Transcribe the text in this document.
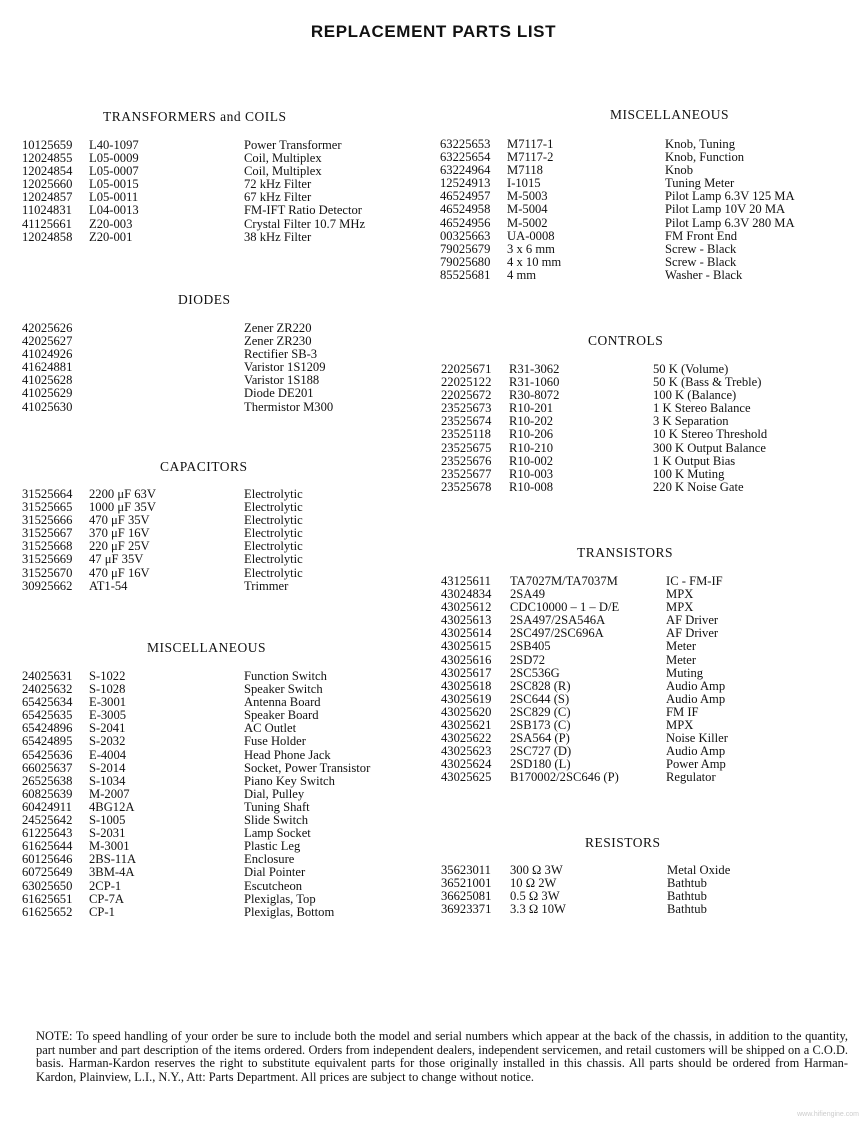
REPLACEMENT PARTS LIST
TRANSFORMERS and COILS
10125659 L40-1097	Power Transformer
12024855 L05-0009	Coil, Multiplex
12024854 L05-0007	Coil, Multiplex
12025660 L05-0015	72 kHz Filter
12024857 L05-0011	67 kHz Filter
11024831 L04-0013	FM-IFT Ratio Detector
41125661 Z20-003	Crystal Filter 10.7 MHz
12024858 Z20-001	38 kHz Filter
DIODES
42025626	Zener ZR220
42025627	Zener ZR230
41024926	Rectifier SB-3
41624881	Varistor 1S1209
41025628	Varistor 1S188
41025629	Diode DE201
41025630	Thermistor M300
CAPACITORS
31525664 2200 μF 63V	Electrolytic
31525665 1000 μF 35V	Electrolytic
31525666 470 μF 35V	Electrolytic
31525667 370 μF 16V	Electrolytic
31525668 220 μF 25V	Electrolytic
31525669 47 μF 35V	Electrolytic
31525670 470 μF 16V	Electrolytic
30925662 AT1-54	Trimmer
MISCELLANEOUS
24025631 S-1022	Function Switch
24025632 S-1028	Speaker Switch
65425634 E-3001	Antenna Board
65425635 E-3005	Speaker Board
65424896 S-2041	AC Outlet
65424895 S-2032	Fuse Holder
65425636 E-4004	Head Phone Jack
66025637 S-2014	Socket, Power Transistor
26525638 S-1034	Piano Key Switch
60825639 M-2007	Dial, Pulley
60424911 4BG12A	Tuning Shaft
24525642 S-1005	Slide Switch
61225643 S-2031	Lamp Socket
61625644 M-3001	Plastic Leg
60125646 2BS-11A	Enclosure
60725649 3BM-4A	Dial Pointer
63025650 2CP-1	Escutcheon
61625651 CP-7A	Plexiglas, Top
61625652 CP-1	Plexiglas, Bottom
MISCELLANEOUS
63225653 M7117-1	Knob, Tuning
63225654 M7117-2	Knob, Function
63224964 M7118	Knob
12524913 I-1015	Tuning Meter
46524957 M-5003	Pilot Lamp 6.3V 125 MA
46524958 M-5004	Pilot Lamp 10V 20 MA
46524956 M-5002	Pilot Lamp 6.3V 280 MA
00325663 UA-0008	FM Front End
79025679 3 x 6 mm	Screw - Black
79025680 4 x 10 mm	Screw - Black
85525681 4 mm	Washer - Black
CONTROLS
22025671 R31-3062	50 K (Volume)
22025122 R31-1060	50 K (Bass & Treble)
22025672 R30-8072	100 K (Balance)
23525673 R10-201	1 K Stereo Balance
23525674 R10-202	3 K Separation
23525118 R10-206	10 K Stereo Threshold
23525675 R10-210	300 K Output Balance
23525676 R10-002	1 K Output Bias
23525677 R10-003	100 K Muting
23525678 R10-008	220 K Noise Gate
TRANSISTORS
43125611 TA7027M/TA7037M	IC - FM-IF
43024834 2SA49	MPX
43025612 CDC10000 – 1 – D/E	MPX
43025613 2SA497/2SA546A	AF Driver
43025614 2SC497/2SC696A	AF Driver
43025615 2SB405	Meter
43025616 2SD72	Meter
43025617 2SC536G	Muting
43025618 2SC828 (R)	Audio Amp
43025619 2SC644 (S)	Audio Amp
43025620 2SC829 (C)	FM IF
43025621 2SB173 (C)	MPX
43025622 2SA564 (P)	Noise Killer
43025623 2SC727 (D)	Audio Amp
43025624 2SD180 (L)	Power Amp
43025625 B170002/2SC646 (P)	Regulator
RESISTORS
35623011 300 Ω 3W	Metal Oxide
36521001 10 Ω 2W	Bathtub
36625081 0.5 Ω 3W	Bathtub
36923371 3.3 Ω 10W	Bathtub
NOTE: To speed handling of your order be sure to include both the model and serial numbers which appear at the back of the chassis, in addition to the quantity, part number and part description of the items ordered. Orders from independent dealers, independent servicemen, and retail customers will be shipped on a C.O.D. basis. Harman-Kardon reserves the right to substitute equivalent parts for those originally installed in this chassis. All parts should be ordered from Harman-Kardon, Plainview, L.I., N.Y., Att: Parts Department. All prices are subject to change without notice.
www.hifiengine.com
